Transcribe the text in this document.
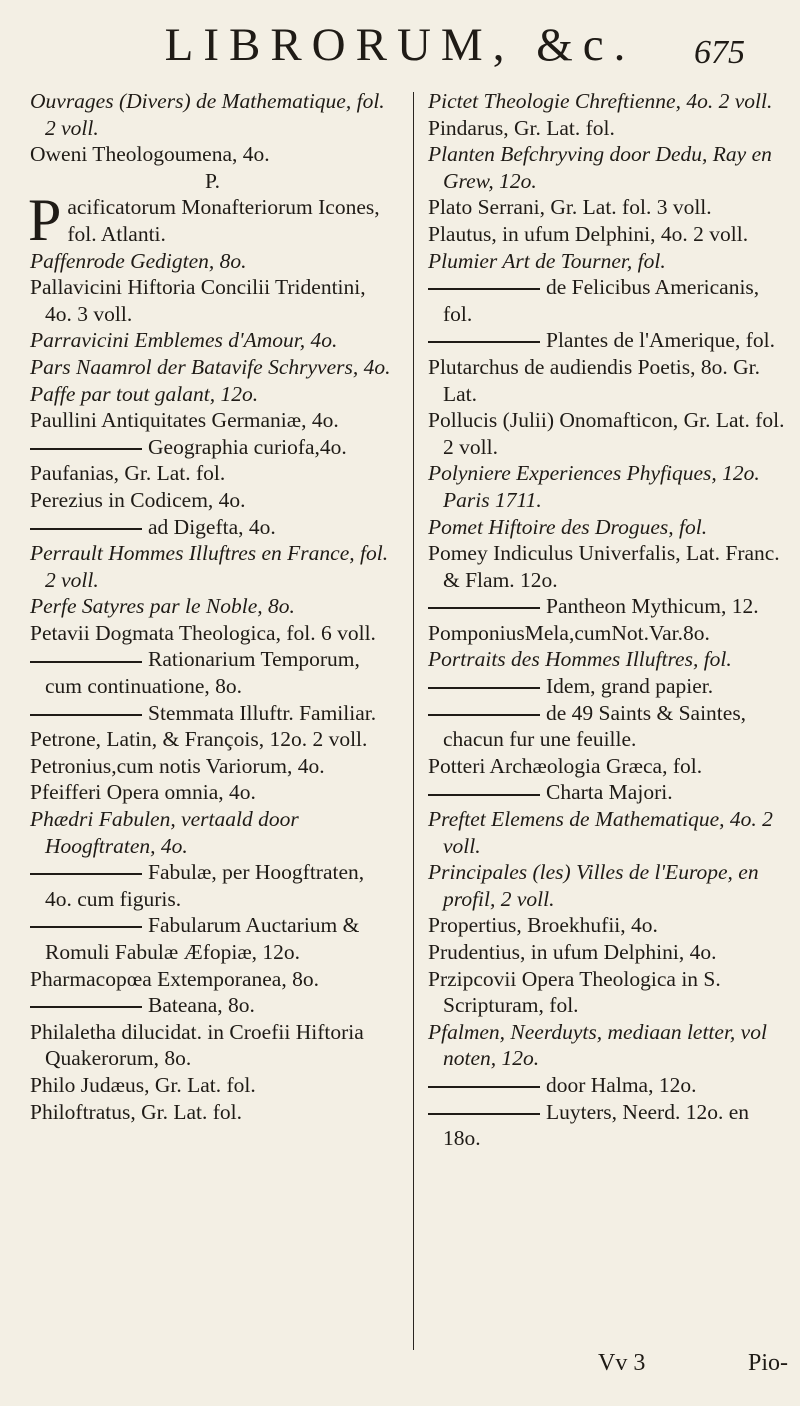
LIBRORUM, &c.	675
Ouvrages (Divers) de Mathematique, fol. 2 voll.
Oweni Theologoumena, 4o.
P.
Pacificatorum Monafteriorum Icones, fol. Atlanti.
Paffenrode Gedigten, 8o.
Pallavicini Hiftoria Concilii Tridentini, 4o. 3 voll.
Parravicini Emblemes d'Amour, 4o.
Pars Naamrol der Batavife Schryvers, 4o.
Paffe par tout galant, 12o.
Paullini Antiquitates Germaniæ, 4o.
Geographia curiofa,4o.
Paufanias, Gr. Lat. fol.
Perezius in Codicem, 4o.
ad Digefta, 4o.
Perrault Hommes Illuftres en France, fol. 2 voll.
Perfe Satyres par le Noble, 8o.
Petavii Dogmata Theologica, fol. 6 voll.
Rationarium Temporum, cum continuatione, 8o.
Stemmata Illuftr. Familiar.
Petrone, Latin, & François, 12o. 2 voll.
Petronius,cum notis Variorum, 4o.
Pfeifferi Opera omnia, 4o.
Phædri Fabulen, vertaald door Hoogftraten, 4o.
Fabulæ, per Hoogftraten, 4o. cum figuris.
Fabularum Auctarium & Romuli Fabulæ Æfopiæ, 12o.
Pharmacopœa Extemporanea, 8o.
Bateana, 8o.
Philaletha dilucidat. in Croefii Hiftoria Quakerorum, 8o.
Philo Judæus, Gr. Lat. fol.
Philoftratus, Gr. Lat. fol.
Pictet Theologie Chreftienne, 4o. 2 voll.
Pindarus, Gr. Lat. fol.
Planten Befchryving door Dedu, Ray en Grew, 12o.
Plato Serrani, Gr. Lat. fol. 3 voll.
Plautus, in ufum Delphini, 4o. 2 voll.
Plumier Art de Tourner, fol.
de Felicibus Americanis, fol.
Plantes de l'Amerique, fol.
Plutarchus de audiendis Poetis, 8o. Gr. Lat.
Pollucis (Julii) Onomafticon, Gr. Lat. fol. 2 voll.
Polyniere Experiences Phyfiques, 12o. Paris 1711.
Pomet Hiftoire des Drogues, fol.
Pomey Indiculus Univerfalis, Lat. Franc. & Flam. 12o.
Pantheon Mythicum, 12.
PomponiusMela,cumNot.Var.8o.
Portraits des Hommes Illuftres, fol.
Idem, grand papier.
de 49 Saints & Saintes, chacun fur une feuille.
Potteri Archæologia Græca, fol.
Charta Majori.
Preftet Elemens de Mathematique, 4o. 2 voll.
Principales (les) Villes de l'Europe, en profil, 2 voll.
Propertius, Broekhufii, 4o.
Prudentius, in ufum Delphini, 4o.
Przipcovii Opera Theologica in S. Scripturam, fol.
Pfalmen, Neerduyts, mediaan letter, vol noten, 12o.
door Halma, 12o.
Luyters, Neerd. 12o. en 18o.
Vv 3	Pio-
